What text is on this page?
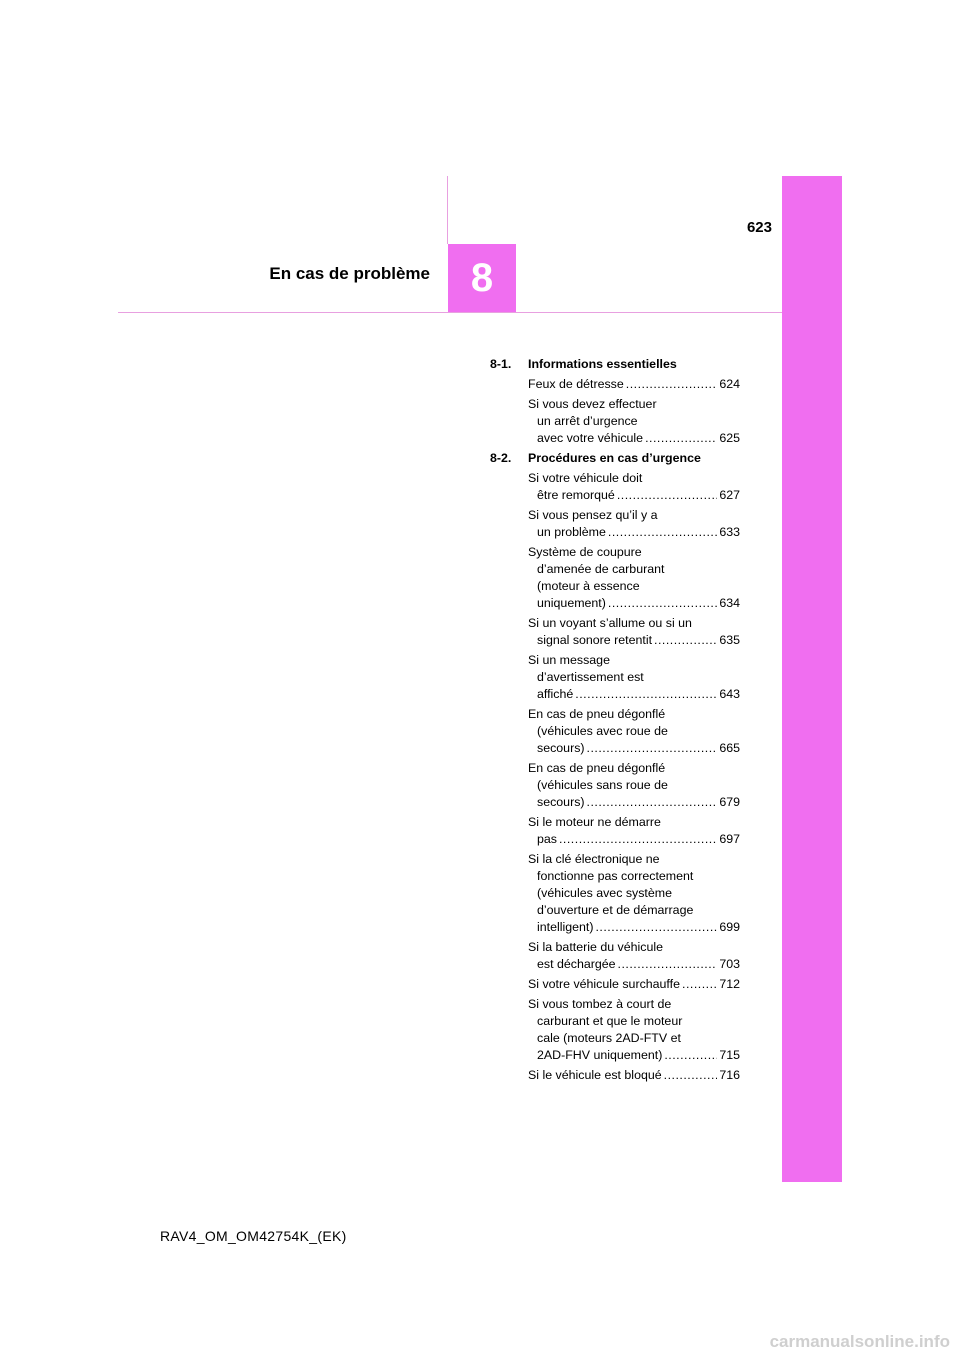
8
623
En cas de problème
8-1.	Informations essentielles
Feux de détresse .....	624
Si vous devez effectuer
un arrêt d’urgence
avec votre véhicule .....	625
8-2.	Procédures en cas d’urgence
Si votre véhicule doit
être remorqué .....	627
Si vous pensez qu’il y a
un problème .....	633
Système de coupure
d’amenée de carburant
(moteur à essence
uniquement) .....	634
Si un voyant s’allume ou si un
signal sonore retentit .....	635
Si un message
d’avertissement est
affiché .....	643
En cas de pneu dégonflé
(véhicules avec roue de
secours) .....	665
En cas de pneu dégonflé
(véhicules sans roue de
secours) .....	679
Si le moteur ne démarre
pas .....	697
Si la clé électronique ne
fonctionne pas correctement
(véhicules avec système
d’ouverture et de démarrage
intelligent) .....	699
Si la batterie du véhicule
est déchargée .....	703
Si votre véhicule surchauffe .....	712
Si vous tombez à court de
carburant et que le moteur
cale (moteurs 2AD-FTV et
2AD-FHV uniquement) .....	715
Si le véhicule est bloqué .....	716
RAV4_OM_OM42754K_(EK)
carmanualsonline.info
